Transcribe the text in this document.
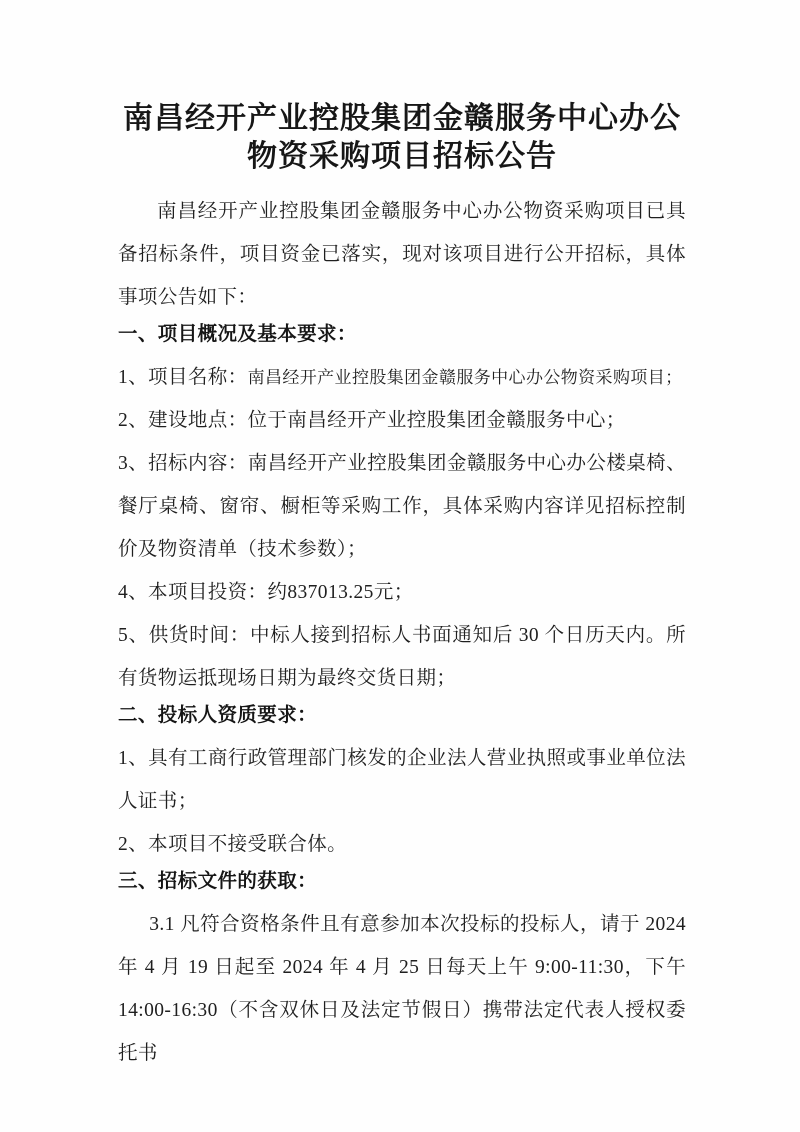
南昌经开产业控股集团金赣服务中心办公
物资采购项目招标公告

南昌经开产业控股集团金赣服务中心办公物资采购项目已具备招标条件，项目资金已落实，现对该项目进行公开招标，具体事项公告如下：

一、项目概况及基本要求：

1、项目名称：南昌经开产业控股集团金赣服务中心办公物资采购项目；

2、建设地点：位于南昌经开产业控股集团金赣服务中心；

3、招标内容：南昌经开产业控股集团金赣服务中心办公楼桌椅、餐厅桌椅、窗帘、橱柜等采购工作，具体采购内容详见招标控制价及物资清单（技术参数）；

4、本项目投资：约837013.25元；

5、供货时间：中标人接到招标人书面通知后 30 个日历天内。所有货物运抵现场日期为最终交货日期；

二、投标人资质要求：

1、具有工商行政管理部门核发的企业法人营业执照或事业单位法人证书；

2、本项目不接受联合体。

三、招标文件的获取：

3.1 凡符合资格条件且有意参加本次投标的投标人，请于 2024 年 4 月 19 日起至 2024 年 4 月 25 日每天上午 9:00-11:30，下午 14:00-16:30（不含双休日及法定节假日）携带法定代表人授权委托书
